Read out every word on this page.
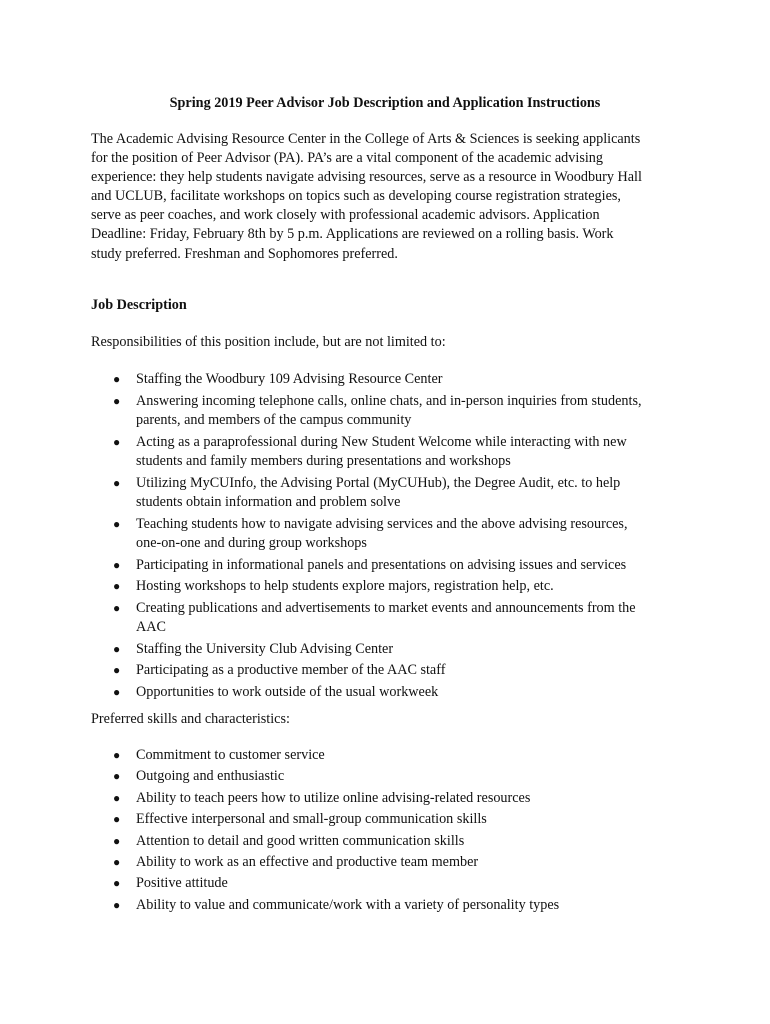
Spring 2019 Peer Advisor Job Description and Application Instructions
The Academic Advising Resource Center in the College of Arts & Sciences is seeking applicants
for the position of Peer Advisor (PA). PA’s are a vital component of the academic advising
experience: they help students navigate advising resources, serve as a resource in Woodbury Hall
and UCLUB, facilitate workshops on topics such as developing course registration strategies,
serve as peer coaches, and work closely with professional academic advisors. Application
Deadline: Friday, February 8th by 5 p.m. Applications are reviewed on a rolling basis. Work
study preferred. Freshman and Sophomores preferred.
Job Description
Responsibilities of this position include, but are not limited to:
● Staffing the Woodbury 109 Advising Resource Center
● Answering incoming telephone calls, online chats, and in-person inquiries from students,
parents, and members of the campus community
● Acting as a paraprofessional during New Student Welcome while interacting with new
students and family members during presentations and workshops
● Utilizing MyCUInfo, the Advising Portal (MyCUHub), the Degree Audit, etc. to help
students obtain information and problem solve
● Teaching students how to navigate advising services and the above advising resources,
one-on-one and during group workshops
● Participating in informational panels and presentations on advising issues and services
● Hosting workshops to help students explore majors, registration help, etc.
● Creating publications and advertisements to market events and announcements from the
AAC
● Staffing the University Club Advising Center
● Participating as a productive member of the AAC staff
● Opportunities to work outside of the usual workweek
Preferred skills and characteristics:
● Commitment to customer service
● Outgoing and enthusiastic
● Ability to teach peers how to utilize online advising-related resources
● Effective interpersonal and small-group communication skills
● Attention to detail and good written communication skills
● Ability to work as an effective and productive team member
● Positive attitude
● Ability to value and communicate/work with a variety of personality types
